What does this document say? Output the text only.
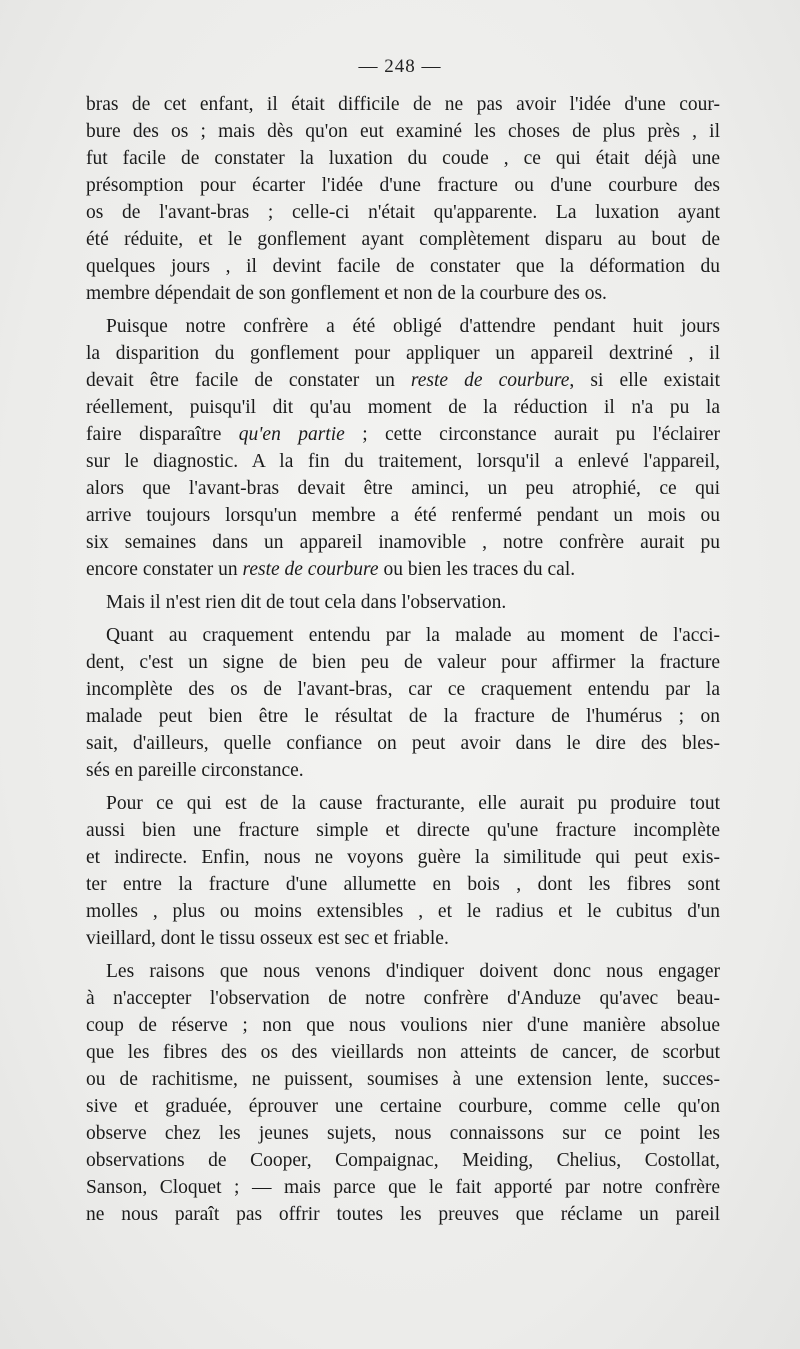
— 248 —
bras de cet enfant, il était difficile de ne pas avoir l'idée d'une cour-
bure des os ; mais dès qu'on eut examiné les choses de plus près , il
fut facile de constater la luxation du coude , ce qui était déjà une
présomption pour écarter l'idée d'une fracture ou d'une courbure des
os de l'avant-bras ; celle-ci n'était qu'apparente. La luxation ayant
été réduite, et le gonflement ayant complètement disparu au bout de
quelques jours , il devint facile de constater que la déformation du
membre dépendait de son gonflement et non de la courbure des os.
Puisque notre confrère a été obligé d'attendre pendant huit jours
la disparition du gonflement pour appliquer un appareil dextriné , il
devait être facile de constater un reste de courbure, si elle existait
réellement, puisqu'il dit qu'au moment de la réduction il n'a pu la
faire disparaître qu'en partie ; cette circonstance aurait pu l'éclairer
sur le diagnostic. A la fin du traitement, lorsqu'il a enlevé l'appareil,
alors que l'avant-bras devait être aminci, un peu atrophié, ce qui
arrive toujours lorsqu'un membre a été renfermé pendant un mois ou
six semaines dans un appareil inamovible , notre confrère aurait pu
encore constater un reste de courbure ou bien les traces du cal.
Mais il n'est rien dit de tout cela dans l'observation.
Quant au craquement entendu par la malade au moment de l'acci-
dent, c'est un signe de bien peu de valeur pour affirmer la fracture
incomplète des os de l'avant-bras, car ce craquement entendu par la
malade peut bien être le résultat de la fracture de l'humérus ; on
sait, d'ailleurs, quelle confiance on peut avoir dans le dire des bles-
sés en pareille circonstance.
Pour ce qui est de la cause fracturante, elle aurait pu produire tout
aussi bien une fracture simple et directe qu'une fracture incomplète
et indirecte. Enfin, nous ne voyons guère la similitude qui peut exis-
ter entre la fracture d'une allumette en bois , dont les fibres sont
molles , plus ou moins extensibles , et le radius et le cubitus d'un
vieillard, dont le tissu osseux est sec et friable.
Les raisons que nous venons d'indiquer doivent donc nous engager
à n'accepter l'observation de notre confrère d'Anduze qu'avec beau-
coup de réserve ; non que nous voulions nier d'une manière absolue
que les fibres des os des vieillards non atteints de cancer, de scorbut
ou de rachitisme, ne puissent, soumises à une extension lente, succes-
sive et graduée, éprouver une certaine courbure, comme celle qu'on
observe chez les jeunes sujets, nous connaissons sur ce point les
observations de Cooper, Compaignac, Meiding, Chelius, Costollat,
Sanson, Cloquet ; — mais parce que le fait apporté par notre confrère
ne nous paraît pas offrir toutes les preuves que réclame un pareil
